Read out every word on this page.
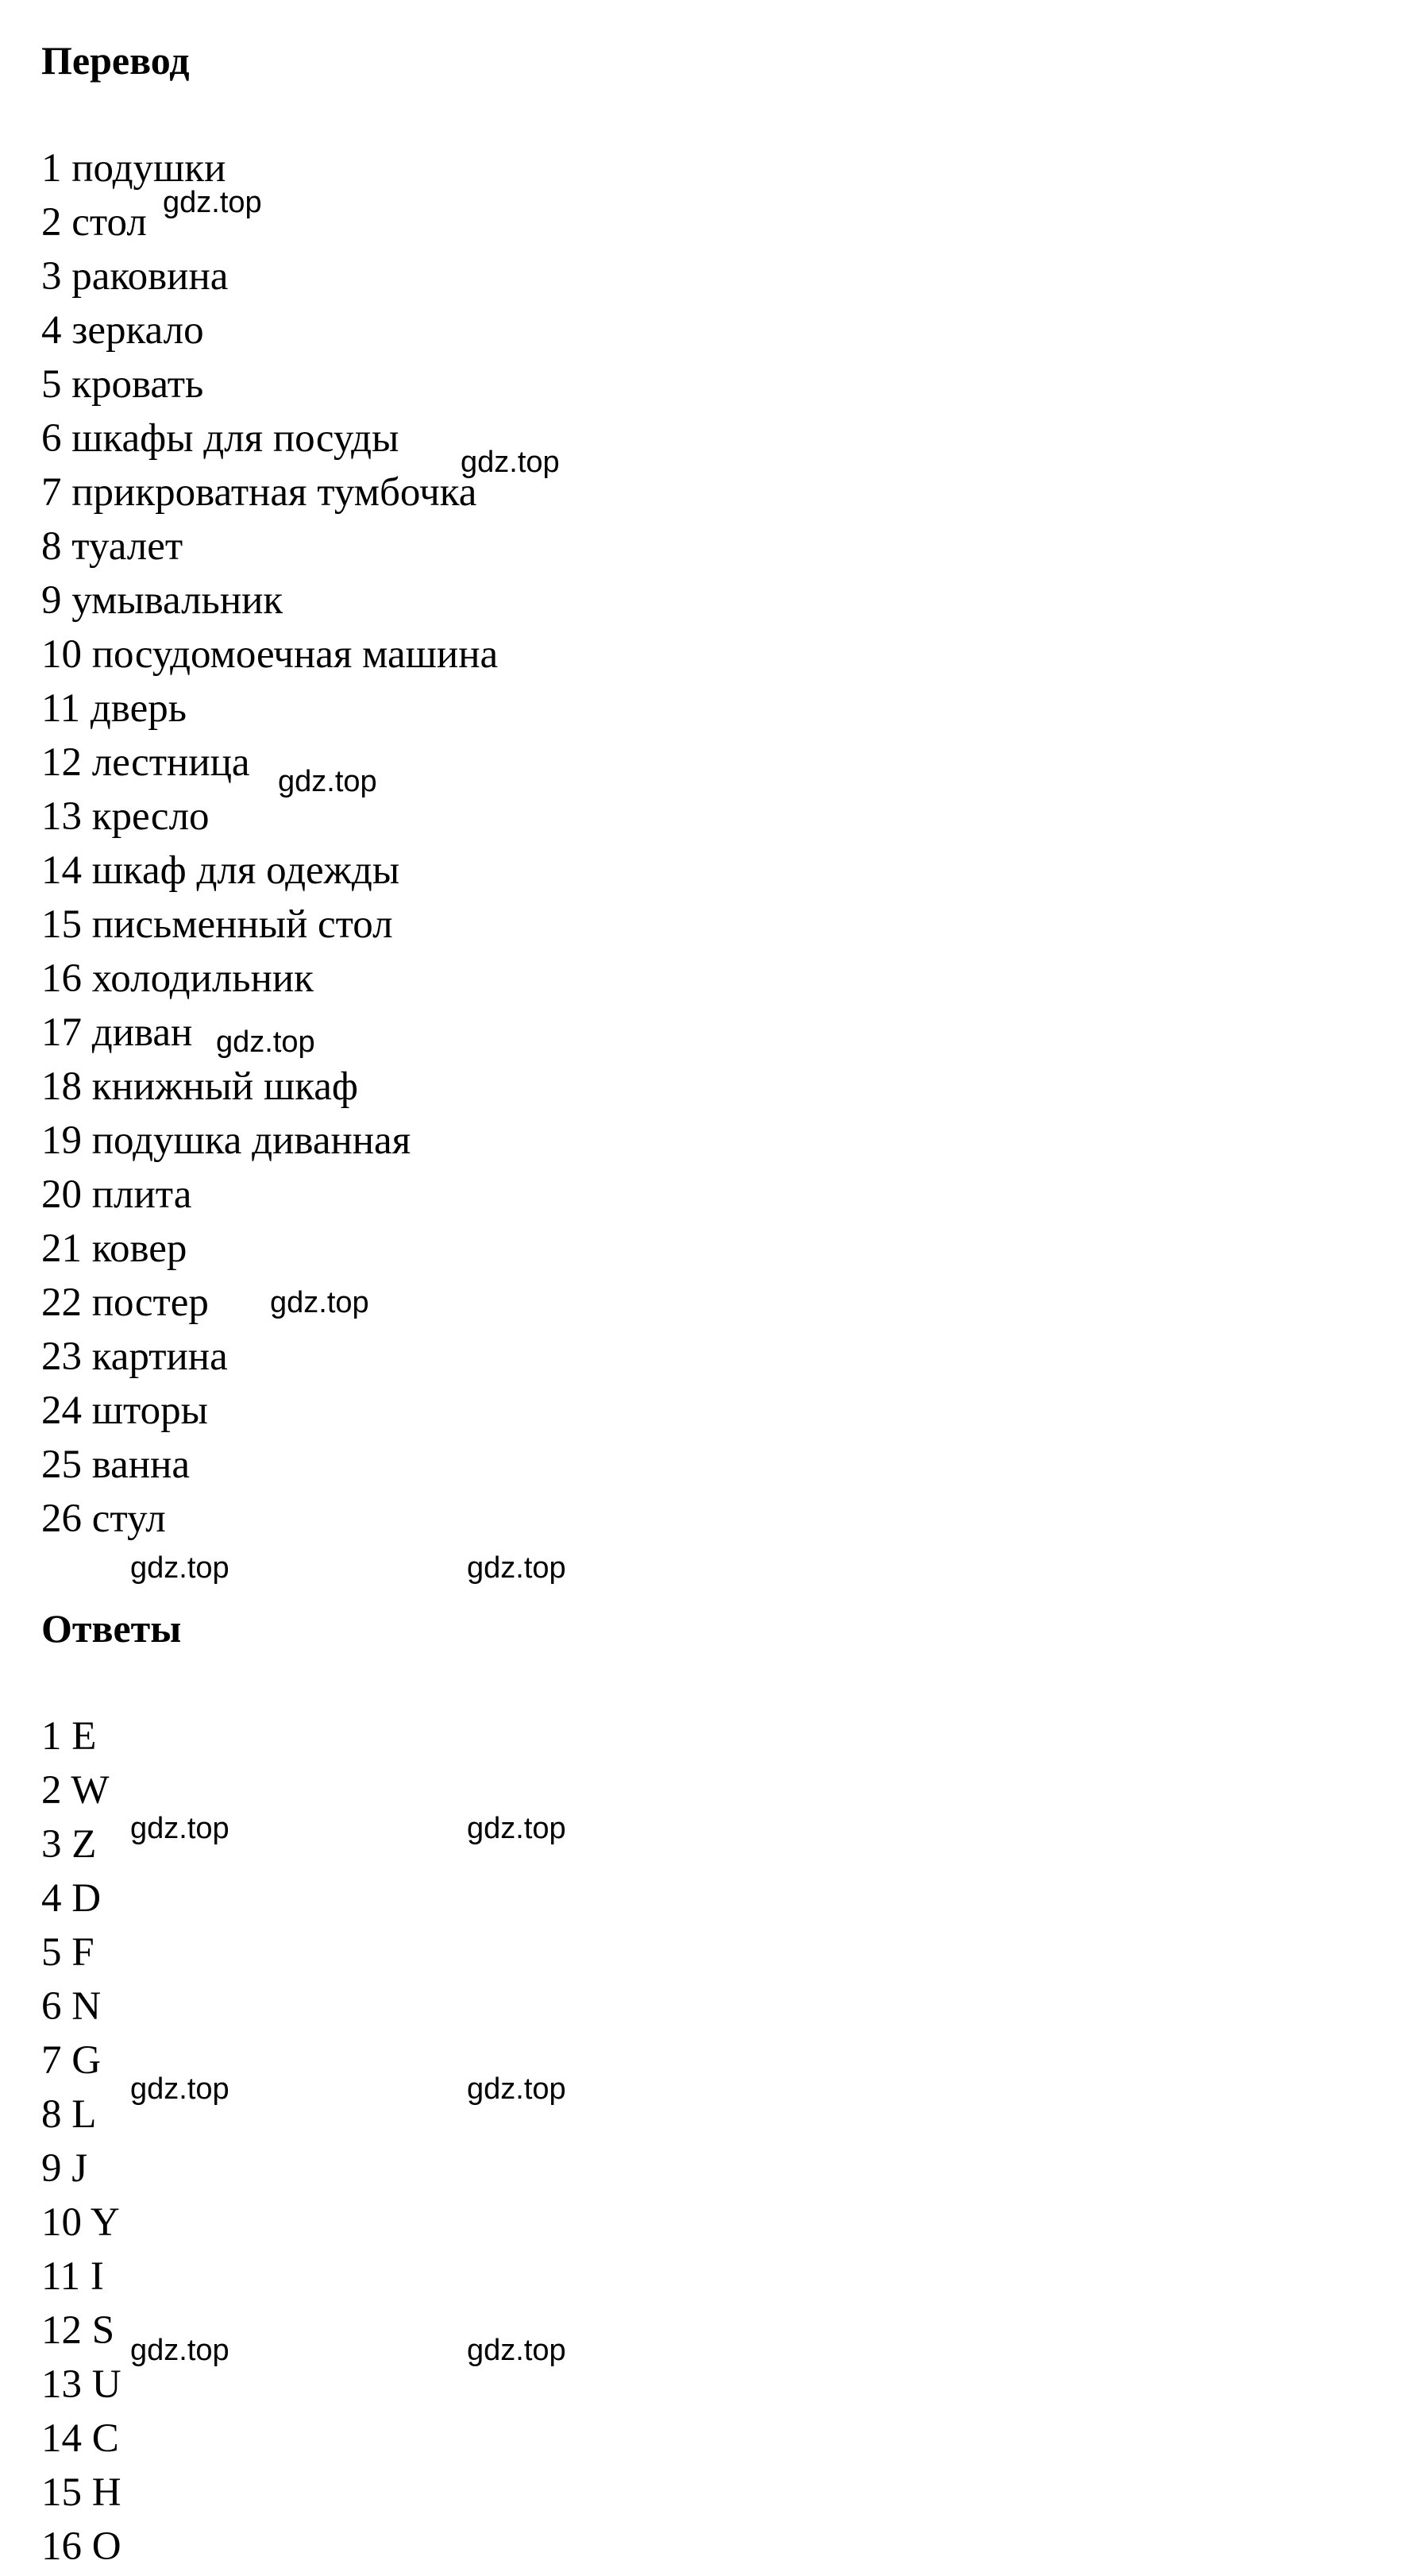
Перевод
1 подушки
2 стол
3 раковина
4 зеркало
5 кровать
6 шкафы для посуды
7 прикроватная тумбочка
8 туалет
9 умывальник
10 посудомоечная машина
11 дверь
12 лестница
13 кресло
14 шкаф для одежды
15 письменный стол
16 холодильник
17 диван
18 книжный шкаф
19 подушка диванная
20 плита
21 ковер
22 постер
23 картина
24 шторы
25 ванна
26 стул
Ответы
1 E
2 W
3 Z
4 D
5 F
6 N
7 G
8 L
9 J
10 Y
11 I
12 S
13 U
14 C
15 H
16 O
gdz.top
gdz.top
gdz.top
gdz.top
gdz.top
gdz.top	gdz.top
gdz.top	gdz.top
gdz.top	gdz.top
gdz.top	gdz.top
